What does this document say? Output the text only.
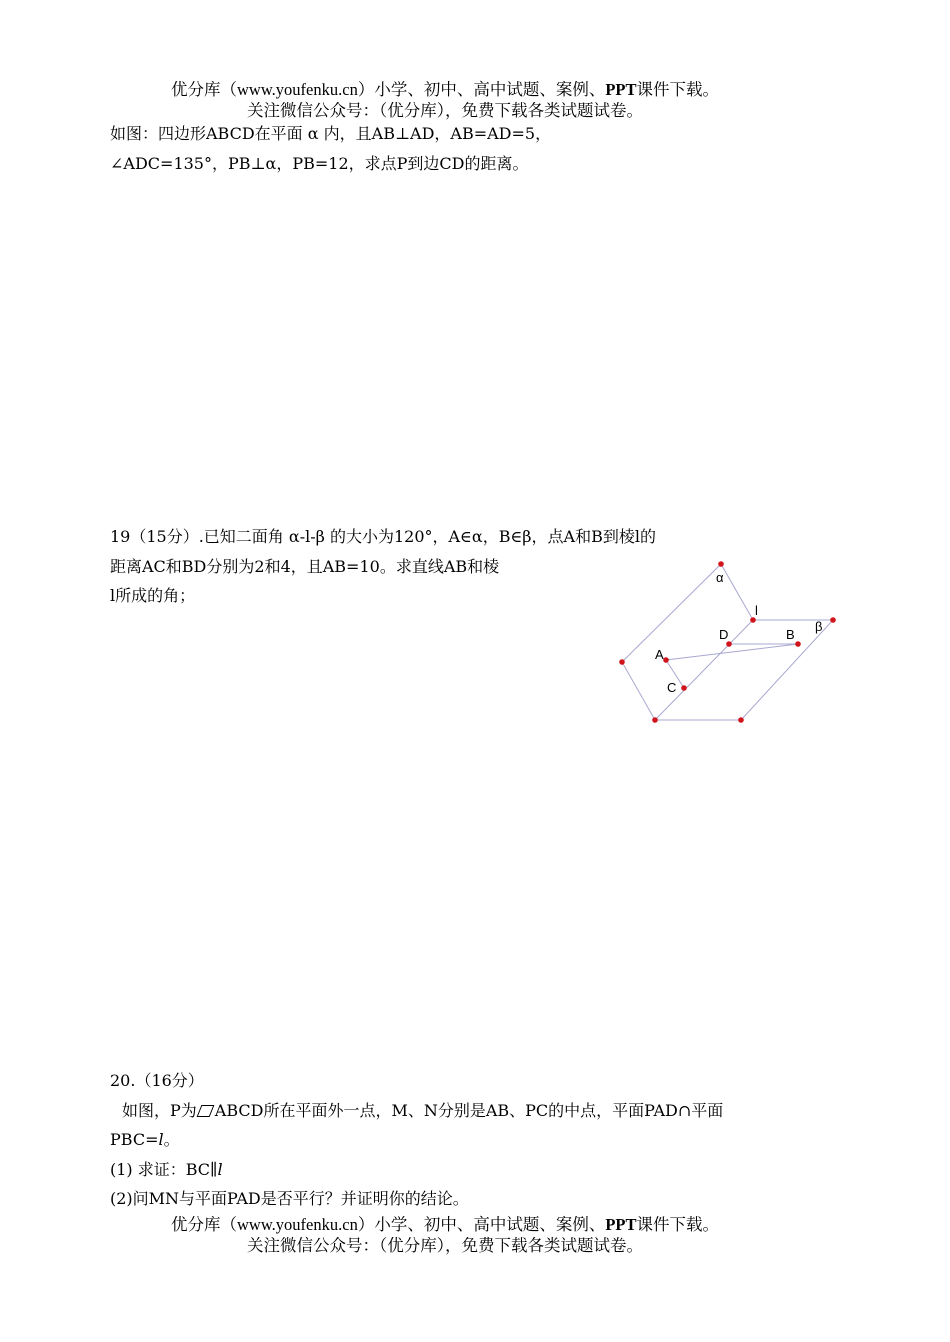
优分库（www.youfenku.cn）小学、初中、高中试题、案例、PPT课件下载。
关注微信公众号：（优分库），免费下载各类试题试卷。
如图：四边形ABCD在平面 α 内，且AB⊥AD，AB=AD=5，
∠ADC=135°，PB⊥α，PB=12，求点P到边CD的距离。
19（15分）.已知二面角 α-l-β 的大小为120°，A∈α，B∈β，点A和B到棱l的
距离AC和BD分别为2和4，且AB=10。求直线AB和棱
l所成的角；
α
l
β
D	B
A
C
20.（16分）
如图，P为 ABCD所在平面外一点，M、N分别是AB、PC的中点，平面PAD∩平面
PBC=l。
(1) 求证：BC∥l
(2)问MN与平面PAD是否平行？并证明你的结论。
优分库（www.youfenku.cn）小学、初中、高中试题、案例、PPT课件下载。
关注微信公众号：（优分库），免费下载各类试题试卷。
